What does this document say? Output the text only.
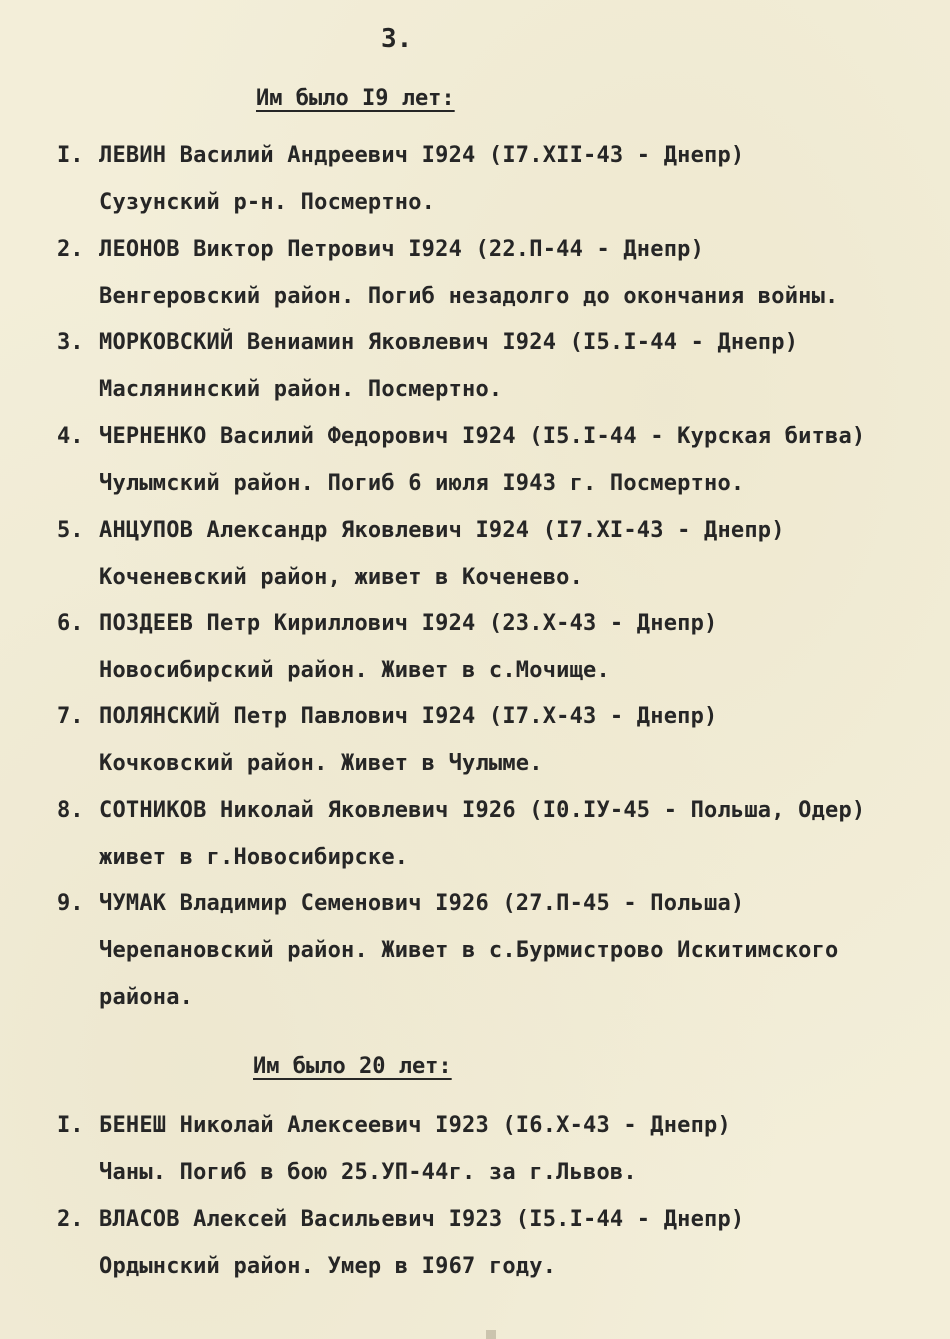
3.
Им было I9 лет:
I. ЛЕВИН Василий Андреевич I924 (I7.XII-43 - Днепр)
Сузунский р-н. Посмертно.
2. ЛЕОНОВ Виктор Петрович I924 (22.П-44 - Днепр)
Венгеровский район. Погиб незадолго до окончания войны.
3. МОРКОВСКИЙ Вениамин Яковлевич I924 (I5.I-44 - Днепр)
Маслянинский район. Посмертно.
4. ЧЕРНЕНКО Василий Федорович I924 (I5.I-44 - Курская битва)
Чулымский район. Погиб 6 июля I943 г. Посмертно.
5. АНЦУПОВ Александр Яковлевич I924 (I7.XI-43 - Днепр)
Коченевский район, живет в Коченево.
6. ПОЗДЕЕВ Петр Кириллович I924 (23.X-43 - Днепр)
Новосибирский район. Живет в с.Мочище.
7. ПОЛЯНСКИЙ Петр Павлович I924 (I7.X-43 - Днепр)
Кочковский район. Живет в Чулыме.
8. СОТНИКОВ Николай Яковлевич I926 (I0.IУ-45 - Польша, Одер)
живет в г.Новосибирске.
9. ЧУМАК Владимир Семенович I926 (27.П-45 - Польша)
Черепановский район. Живет в с.Бурмистрово Искитимского
района.
Им было 20 лет:
I. БЕНЕШ Николай Алексеевич I923 (I6.X-43 - Днепр)
Чаны. Погиб в бою 25.УП-44г. за г.Львов.
2. ВЛАСОВ Алексей Васильевич I923 (I5.I-44 - Днепр)
Ордынский район. Умер в I967 году.
